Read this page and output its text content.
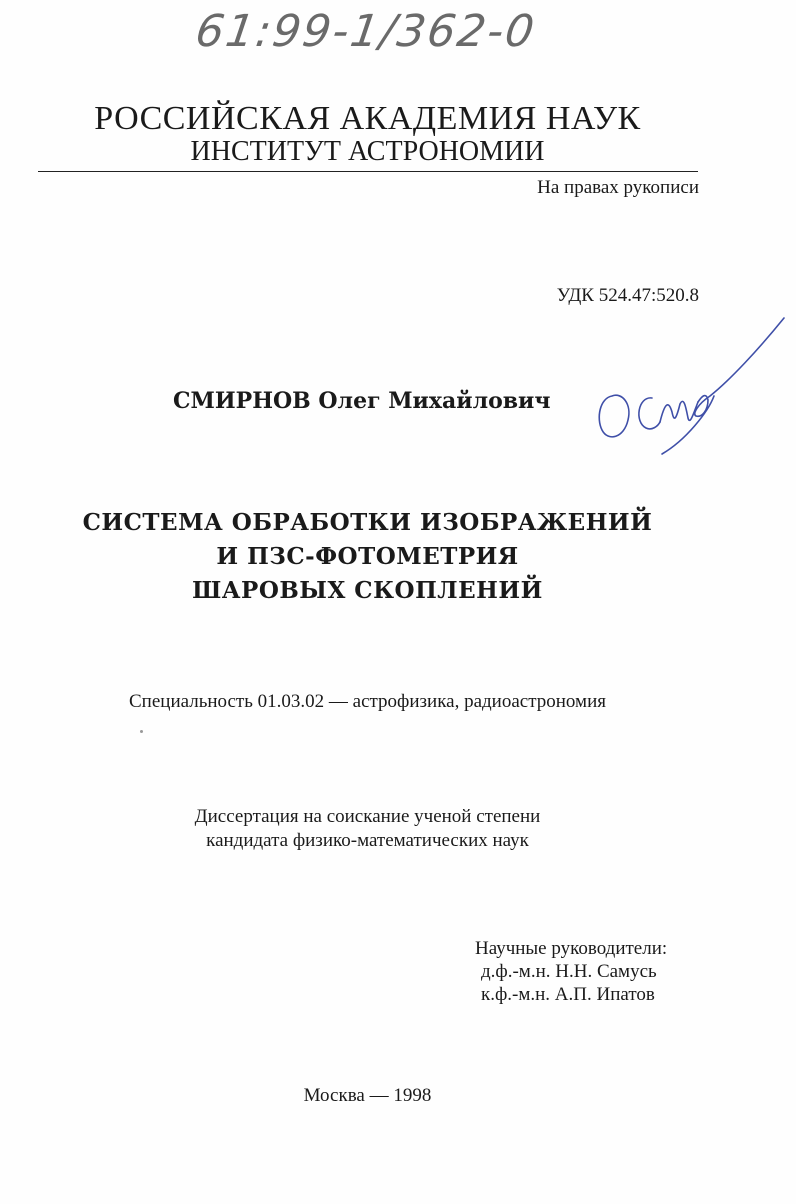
61:99-1/362-0
РОССИЙСКАЯ АКАДЕМИЯ НАУК
ИНСТИТУТ АСТРОНОМИИ
На правах рукописи
УДК 524.47:520.8
СМИРНОВ Олег Михайлович
СИСТЕМА ОБРАБОТКИ ИЗОБРАЖЕНИЙ
И ПЗС-ФОТОМЕТРИЯ
ШАРОВЫХ СКОПЛЕНИЙ
Специальность 01.03.02 — астрофизика, радиоастрономия
Диссертация на соискание ученой степени
кандидата физико-математических наук
Научные руководители:
д.ф.-м.н. Н.Н. Самусь
к.ф.-м.н. А.П. Ипатов
Москва — 1998
